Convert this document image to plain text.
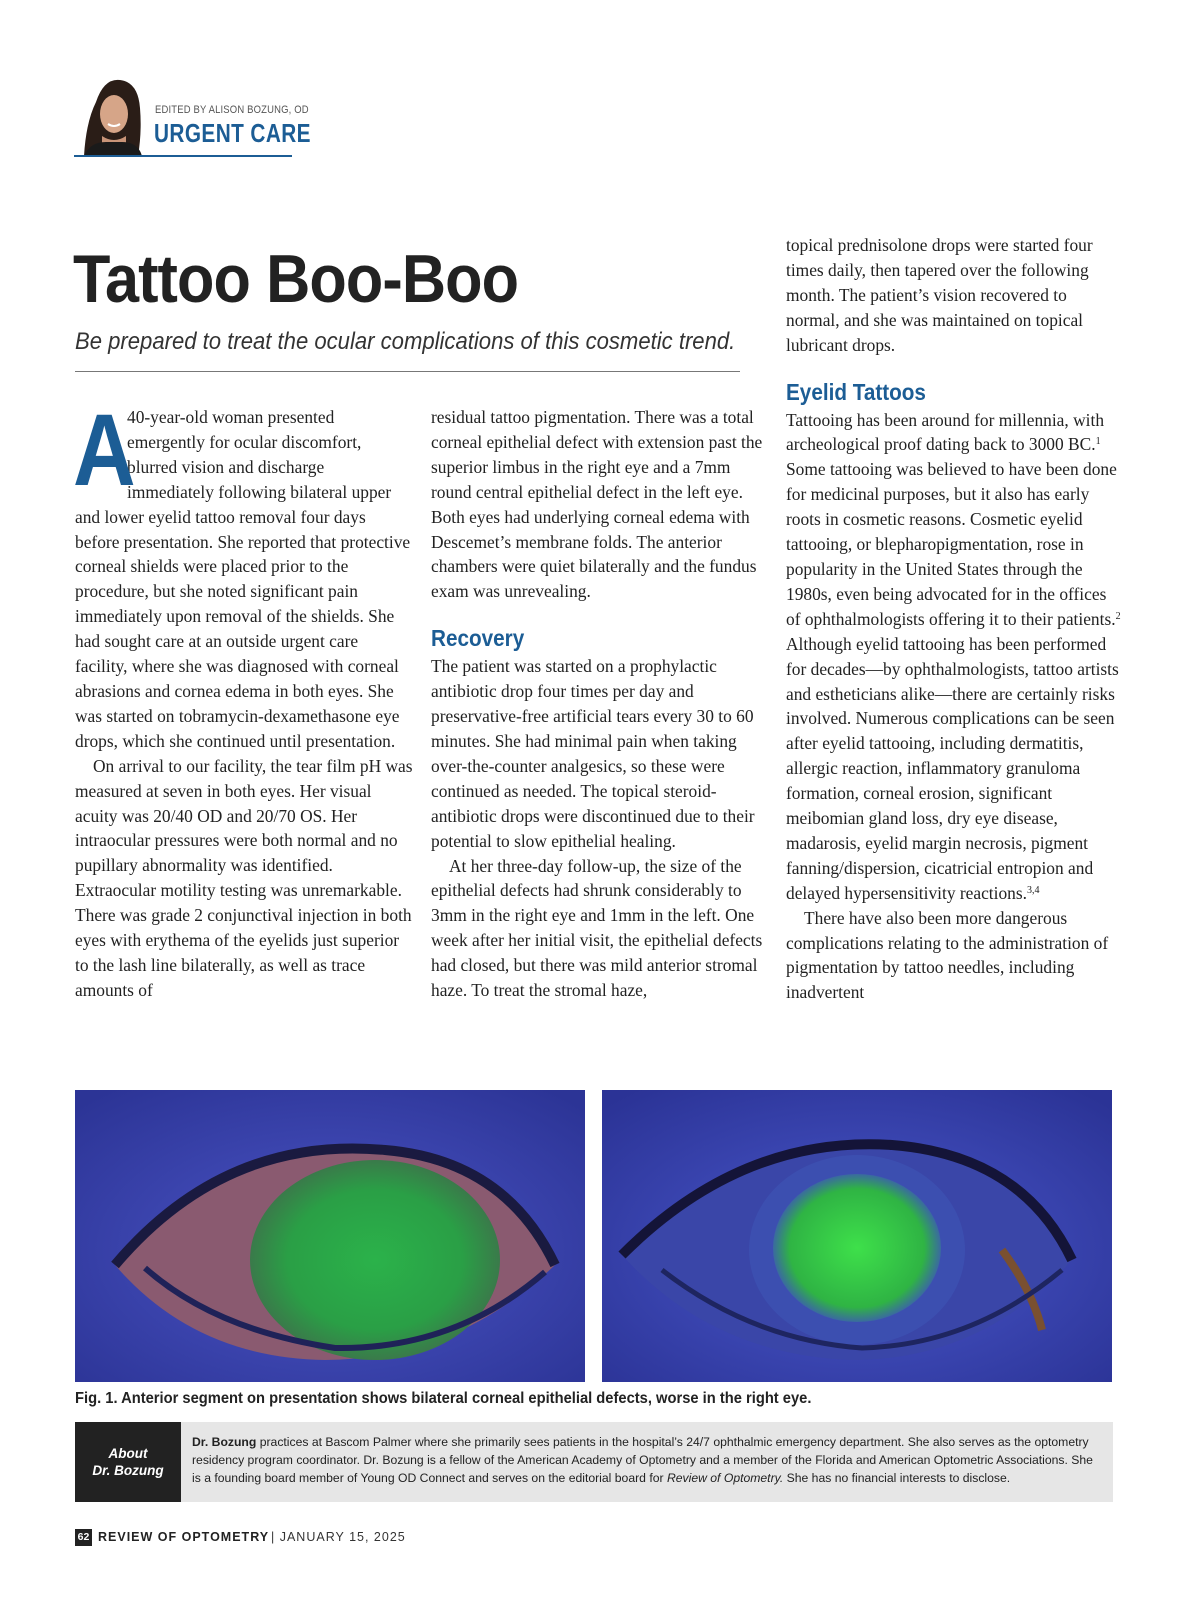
EDITED BY ALISON BOZUNG, OD
URGENT CARE
Tattoo Boo-Boo
Be prepared to treat the ocular complications of this cosmetic trend.

A
40-year-old woman presented emergently for ocular discomfort, blurred vision and discharge immediately following bilateral upper and lower eyelid tattoo removal four days before presentation. She reported that protective corneal shields were placed prior to the procedure, but she noted significant pain immediately upon removal of the shields. She had sought care at an outside urgent care facility, where she was diagnosed with corneal abrasions and cornea edema in both eyes. She was started on tobramycin-dexamethasone eye drops, which she continued until presentation.

On arrival to our facility, the tear film pH was measured at seven in both eyes. Her visual acuity was 20/40 OD and 20/70 OS. Her intraocular pressures were both normal and no pupillary abnormality was identified. Extraocular motility testing was unremarkable. There was grade 2 conjunctival injection in both eyes with erythema of the eyelids just superior to the lash line bilaterally, as well as trace amounts of

residual tattoo pigmentation. There was a total corneal epithelial defect with extension past the superior limbus in the right eye and a 7mm round central epithelial defect in the left eye. Both eyes had underlying corneal edema with Descemet’s membrane folds. The anterior chambers were quiet bilaterally and the fundus exam was unrevealing.

Recovery

The patient was started on a prophylactic antibiotic drop four times per day and preservative-free artificial tears every 30 to 60 minutes. She had minimal pain when taking over-the-counter analgesics, so these were continued as needed. The topical steroid-antibiotic drops were discontinued due to their potential to slow epithelial healing.

At her three-day follow-up, the size of the epithelial defects had shrunk considerably to 3mm in the right eye and 1mm in the left. One week after her initial visit, the epithelial defects had closed, but there was mild anterior stromal haze. To treat the stromal haze,

topical prednisolone drops were started four times daily, then tapered over the following month. The patient’s vision recovered to normal, and she was maintained on topical lubricant drops.

Eyelid Tattoos

Tattooing has been around for millennia, with archeological proof dating back to 3000 BC.$^1$ Some tattooing was believed to have been done for medicinal purposes, but it also has early roots in cosmetic reasons. Cosmetic eyelid tattooing, or blepharopigmentation, rose in popularity in the United States through the 1980s, even being advocated for in the offices of ophthalmologists offering it to their patients.$^2$ Although eyelid tattooing has been performed for decades—by ophthalmologists, tattoo artists and estheticians alike—there are certainly risks involved. Numerous complications can be seen after eyelid tattooing, including dermatitis, allergic reaction, inflammatory granuloma formation, corneal erosion, significant meibomian gland loss, dry eye disease, madarosis, eyelid margin necrosis, pigment fanning/dispersion, cicatricial entropion and delayed hypersensitivity reactions.$^{3,4}$

There have also been more dangerous complications relating to the administration of pigmentation by tattoo needles, including inadvertent

Fig. 1. Anterior segment on presentation shows bilateral corneal epithelial defects, worse in the right eye.
About
Dr. Bozung
Dr. Bozung practices at Bascom Palmer where she primarily sees patients in the hospital’s 24/7 ophthalmic emergency department. She also serves as the optometry residency program coordinator. Dr. Bozung is a fellow of the American Academy of Optometry and a member of the Florida and American Optometric Associations. She is a founding board member of Young OD Connect and serves on the editorial board for Review of Optometry. She has no financial interests to disclose.
62 REVIEW OF OPTOMETRY | JANUARY 15, 2025
